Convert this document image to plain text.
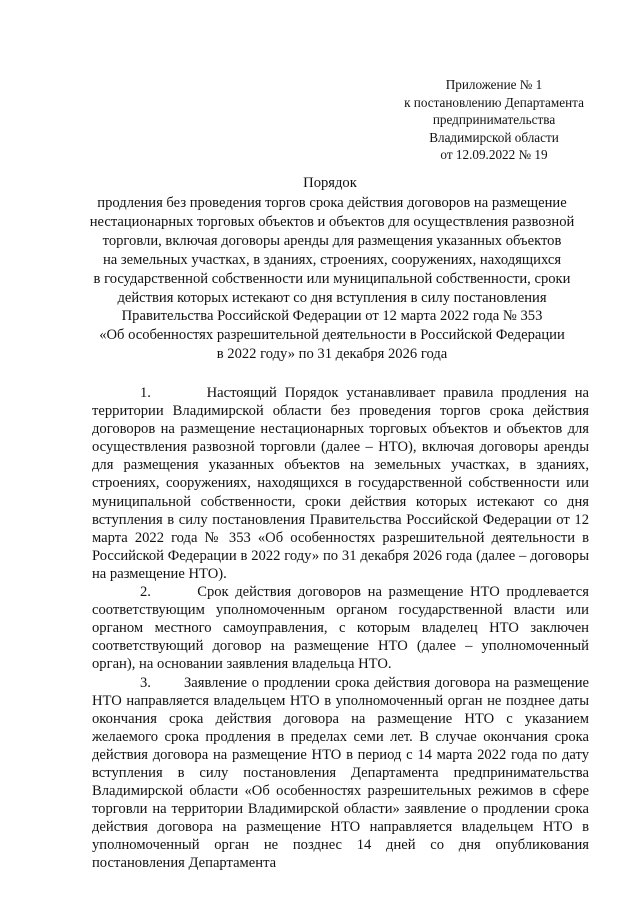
Приложение № 1
к постановлению Департамента
предпринимательства
Владимирской области
от 12.09.2022 № 19
Порядок
продления без проведения торгов срока действия договоров на размещение
нестационарных торговых объектов и объектов для осуществления развозной
торговли, включая договоры аренды для размещения указанных объектов
на земельных участках, в зданиях, строениях, сооружениях, находящихся
в государственной собственности или муниципальной собственности, сроки
действия которых истекают со дня вступления в силу постановления
Правительства Российской Федерации от 12 марта 2022 года № 353
«Об особенностях разрешительной деятельности в Российской Федерации
в 2022 году» по 31 декабря 2026 года

1.       Настоящий Порядок устанавливает правила продления на территории Владимирской области без проведения торгов срока действия договоров на размещение нестационарных торговых объектов и объектов для осуществления развозной торговли (далее – НТО), включая договоры аренды для размещения указанных объектов на земельных участках, в зданиях, строениях, сооружениях, находящихся в государственной собственности или муниципальной собственности, сроки действия которых истекают со дня вступления в силу постановления Правительства Российской Федерации от 12 марта 2022 года № 353 «Об особенностях разрешительной деятельности в Российской Федерации в 2022 году» по 31 декабря 2026 года (далее – договоры на размещение НТО).

2.       Срок действия договоров на размещение НТО продлевается соответствующим уполномоченным органом государственной власти или органом местного самоуправления, с которым владелец НТО заключен соответствующий договор на размещение НТО (далее – уполномоченный орган), на основании заявления владельца НТО.

3.       Заявление о продлении срока действия договора на размещение НТО направляется владельцем НТО в уполномоченный орган не позднее даты окончания срока действия договора на размещение НТО с указанием желаемого срока продления в пределах семи лет. В случае окончания срока действия договора на размещение НТО в период с 14 марта 2022 года по дату вступления в силу постановления Департамента предпринимательства Владимирской области «Об особенностях разрешительных режимов в сфере торговли на территории Владимирской области» заявление о продлении срока действия договора на размещение НТО направляется владельцем НТО в уполномоченный орган не позднес 14 дней со дня опубликования постановления Департамента
